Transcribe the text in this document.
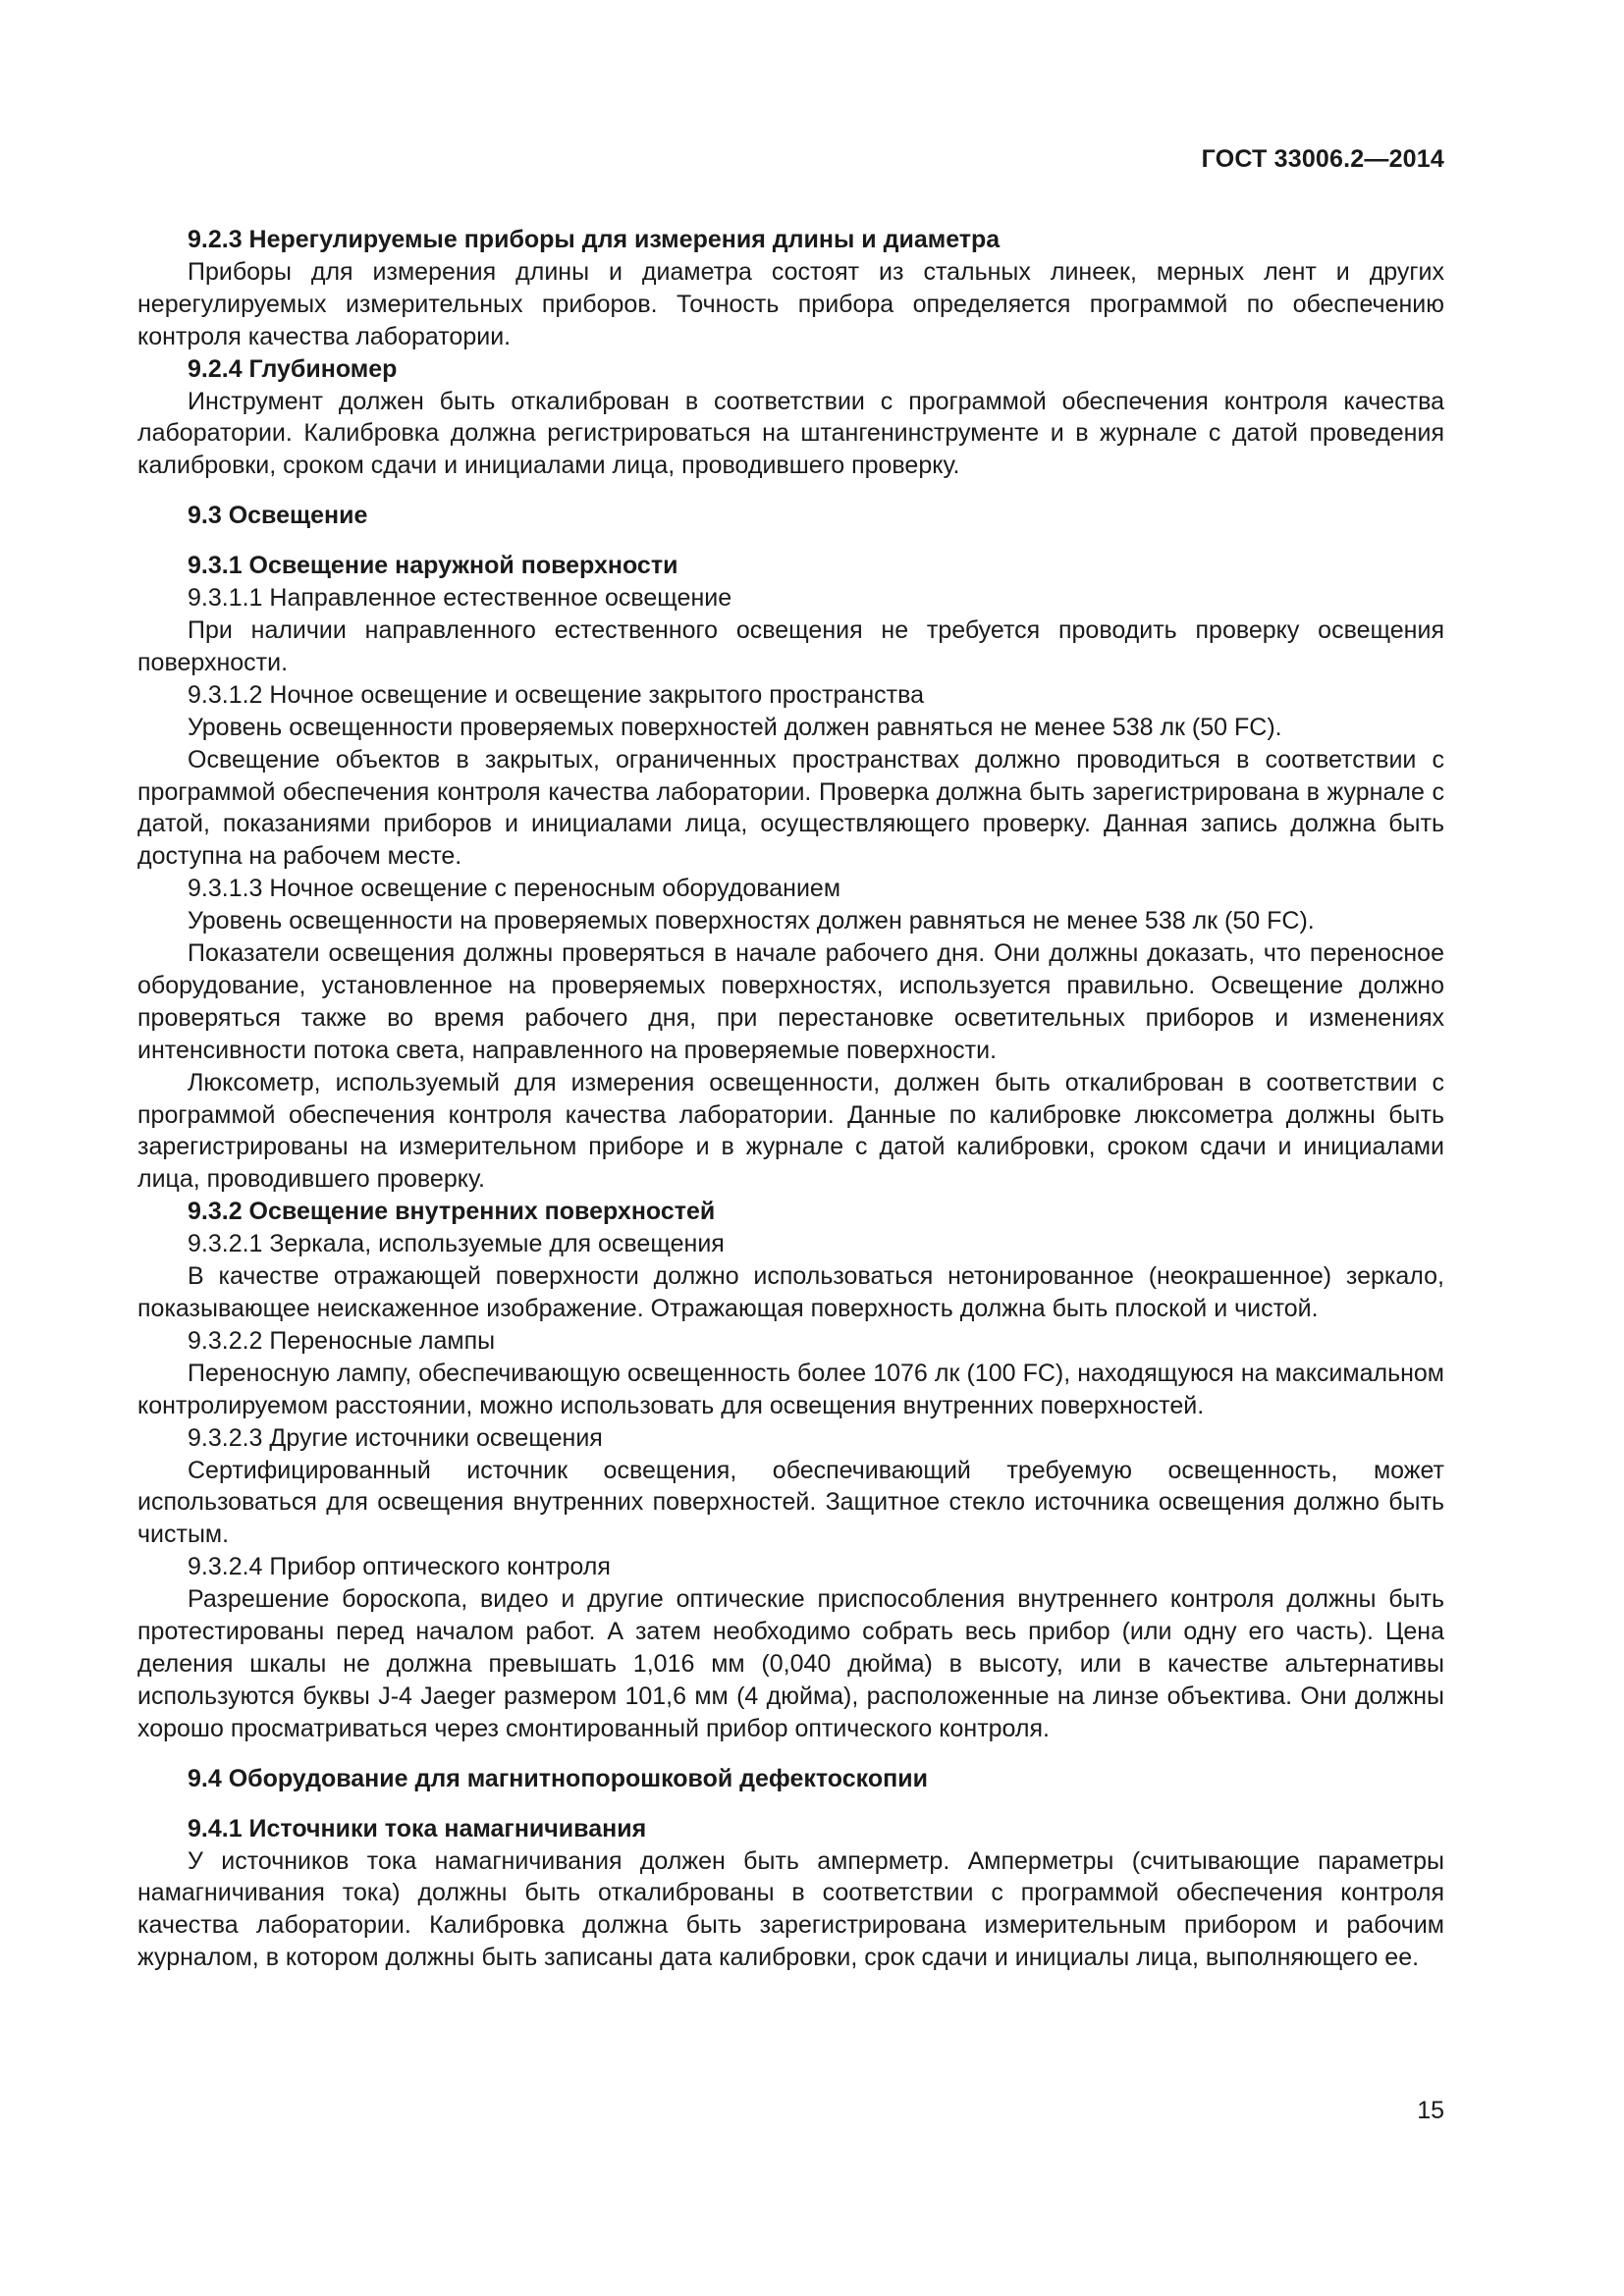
ГОСТ 33006.2—2014

9.2.3 Нерегулируемые приборы для измерения длины и диаметра

Приборы для измерения длины и диаметра состоят из стальных линеек, мерных лент и других нерегулируемых измерительных приборов. Точность прибора определяется программой по обеспечению контроля качества лаборатории.

9.2.4 Глубиномер

Инструмент должен быть откалиброван в соответствии с программой обеспечения контроля качества лаборатории. Калибровка должна регистрироваться на штангенинструменте и в журнале с датой проведения калибровки, сроком сдачи и инициалами лица, проводившего проверку.

9.3 Освещение

9.3.1 Освещение наружной поверхности

9.3.1.1 Направленное естественное освещение

При наличии направленного естественного освещения не требуется проводить проверку освещения поверхности.

9.3.1.2 Ночное освещение и освещение закрытого пространства

Уровень освещенности проверяемых поверхностей должен равняться не менее 538 лк (50 FC).

Освещение объектов в закрытых, ограниченных пространствах должно проводиться в соответствии с программой обеспечения контроля качества лаборатории. Проверка должна быть зарегистрирована в журнале с датой, показаниями приборов и инициалами лица, осуществляющего проверку. Данная запись должна быть доступна на рабочем месте.

9.3.1.3 Ночное освещение с переносным оборудованием

Уровень освещенности на проверяемых поверхностях должен равняться не менее 538 лк (50 FC).

Показатели освещения должны проверяться в начале рабочего дня. Они должны доказать, что переносное оборудование, установленное на проверяемых поверхностях, используется правильно. Освещение должно проверяться также во время рабочего дня, при перестановке осветительных приборов и изменениях интенсивности потока света, направленного на проверяемые поверхности.

Люксометр, используемый для измерения освещенности, должен быть откалиброван в соответствии с программой обеспечения контроля качества лаборатории. Данные по калибровке люксометра должны быть зарегистрированы на измерительном приборе и в журнале с датой калибровки, сроком сдачи и инициалами лица, проводившего проверку.

9.3.2 Освещение внутренних поверхностей

9.3.2.1 Зеркала, используемые для освещения

В качестве отражающей поверхности должно использоваться нетонированное (неокрашенное) зеркало, показывающее неискаженное изображение. Отражающая поверхность должна быть плоской и чистой.

9.3.2.2 Переносные лампы

Переносную лампу, обеспечивающую освещенность более 1076 лк (100 FC), находящуюся на максимальном контролируемом расстоянии, можно использовать для освещения внутренних поверхностей.

9.3.2.3 Другие источники освещения

Сертифицированный источник освещения, обеспечивающий требуемую освещенность, может использоваться для освещения внутренних поверхностей. Защитное стекло источника освещения должно быть чистым.

9.3.2.4 Прибор оптического контроля

Разрешение бороскопа, видео и другие оптические приспособления внутреннего контроля должны быть протестированы перед началом работ. А затем необходимо собрать весь прибор (или одну его часть). Цена деления шкалы не должна превышать 1,016 мм (0,040 дюйма) в высоту, или в качестве альтернативы используются буквы J-4 Jaeger размером 101,6 мм (4 дюйма), расположенные на линзе объектива. Они должны хорошо просматриваться через смонтированный прибор оптического контроля.

9.4 Оборудование для магнитнопорошковой дефектоскопии

9.4.1 Источники тока намагничивания

У источников тока намагничивания должен быть амперметр. Амперметры (считывающие параметры намагничивания тока) должны быть откалиброваны в соответствии с программой обеспечения контроля качества лаборатории. Калибровка должна быть зарегистрирована измерительным прибором и рабочим журналом, в котором должны быть записаны дата калибровки, срок сдачи и инициалы лица, выполняющего ее.

15
